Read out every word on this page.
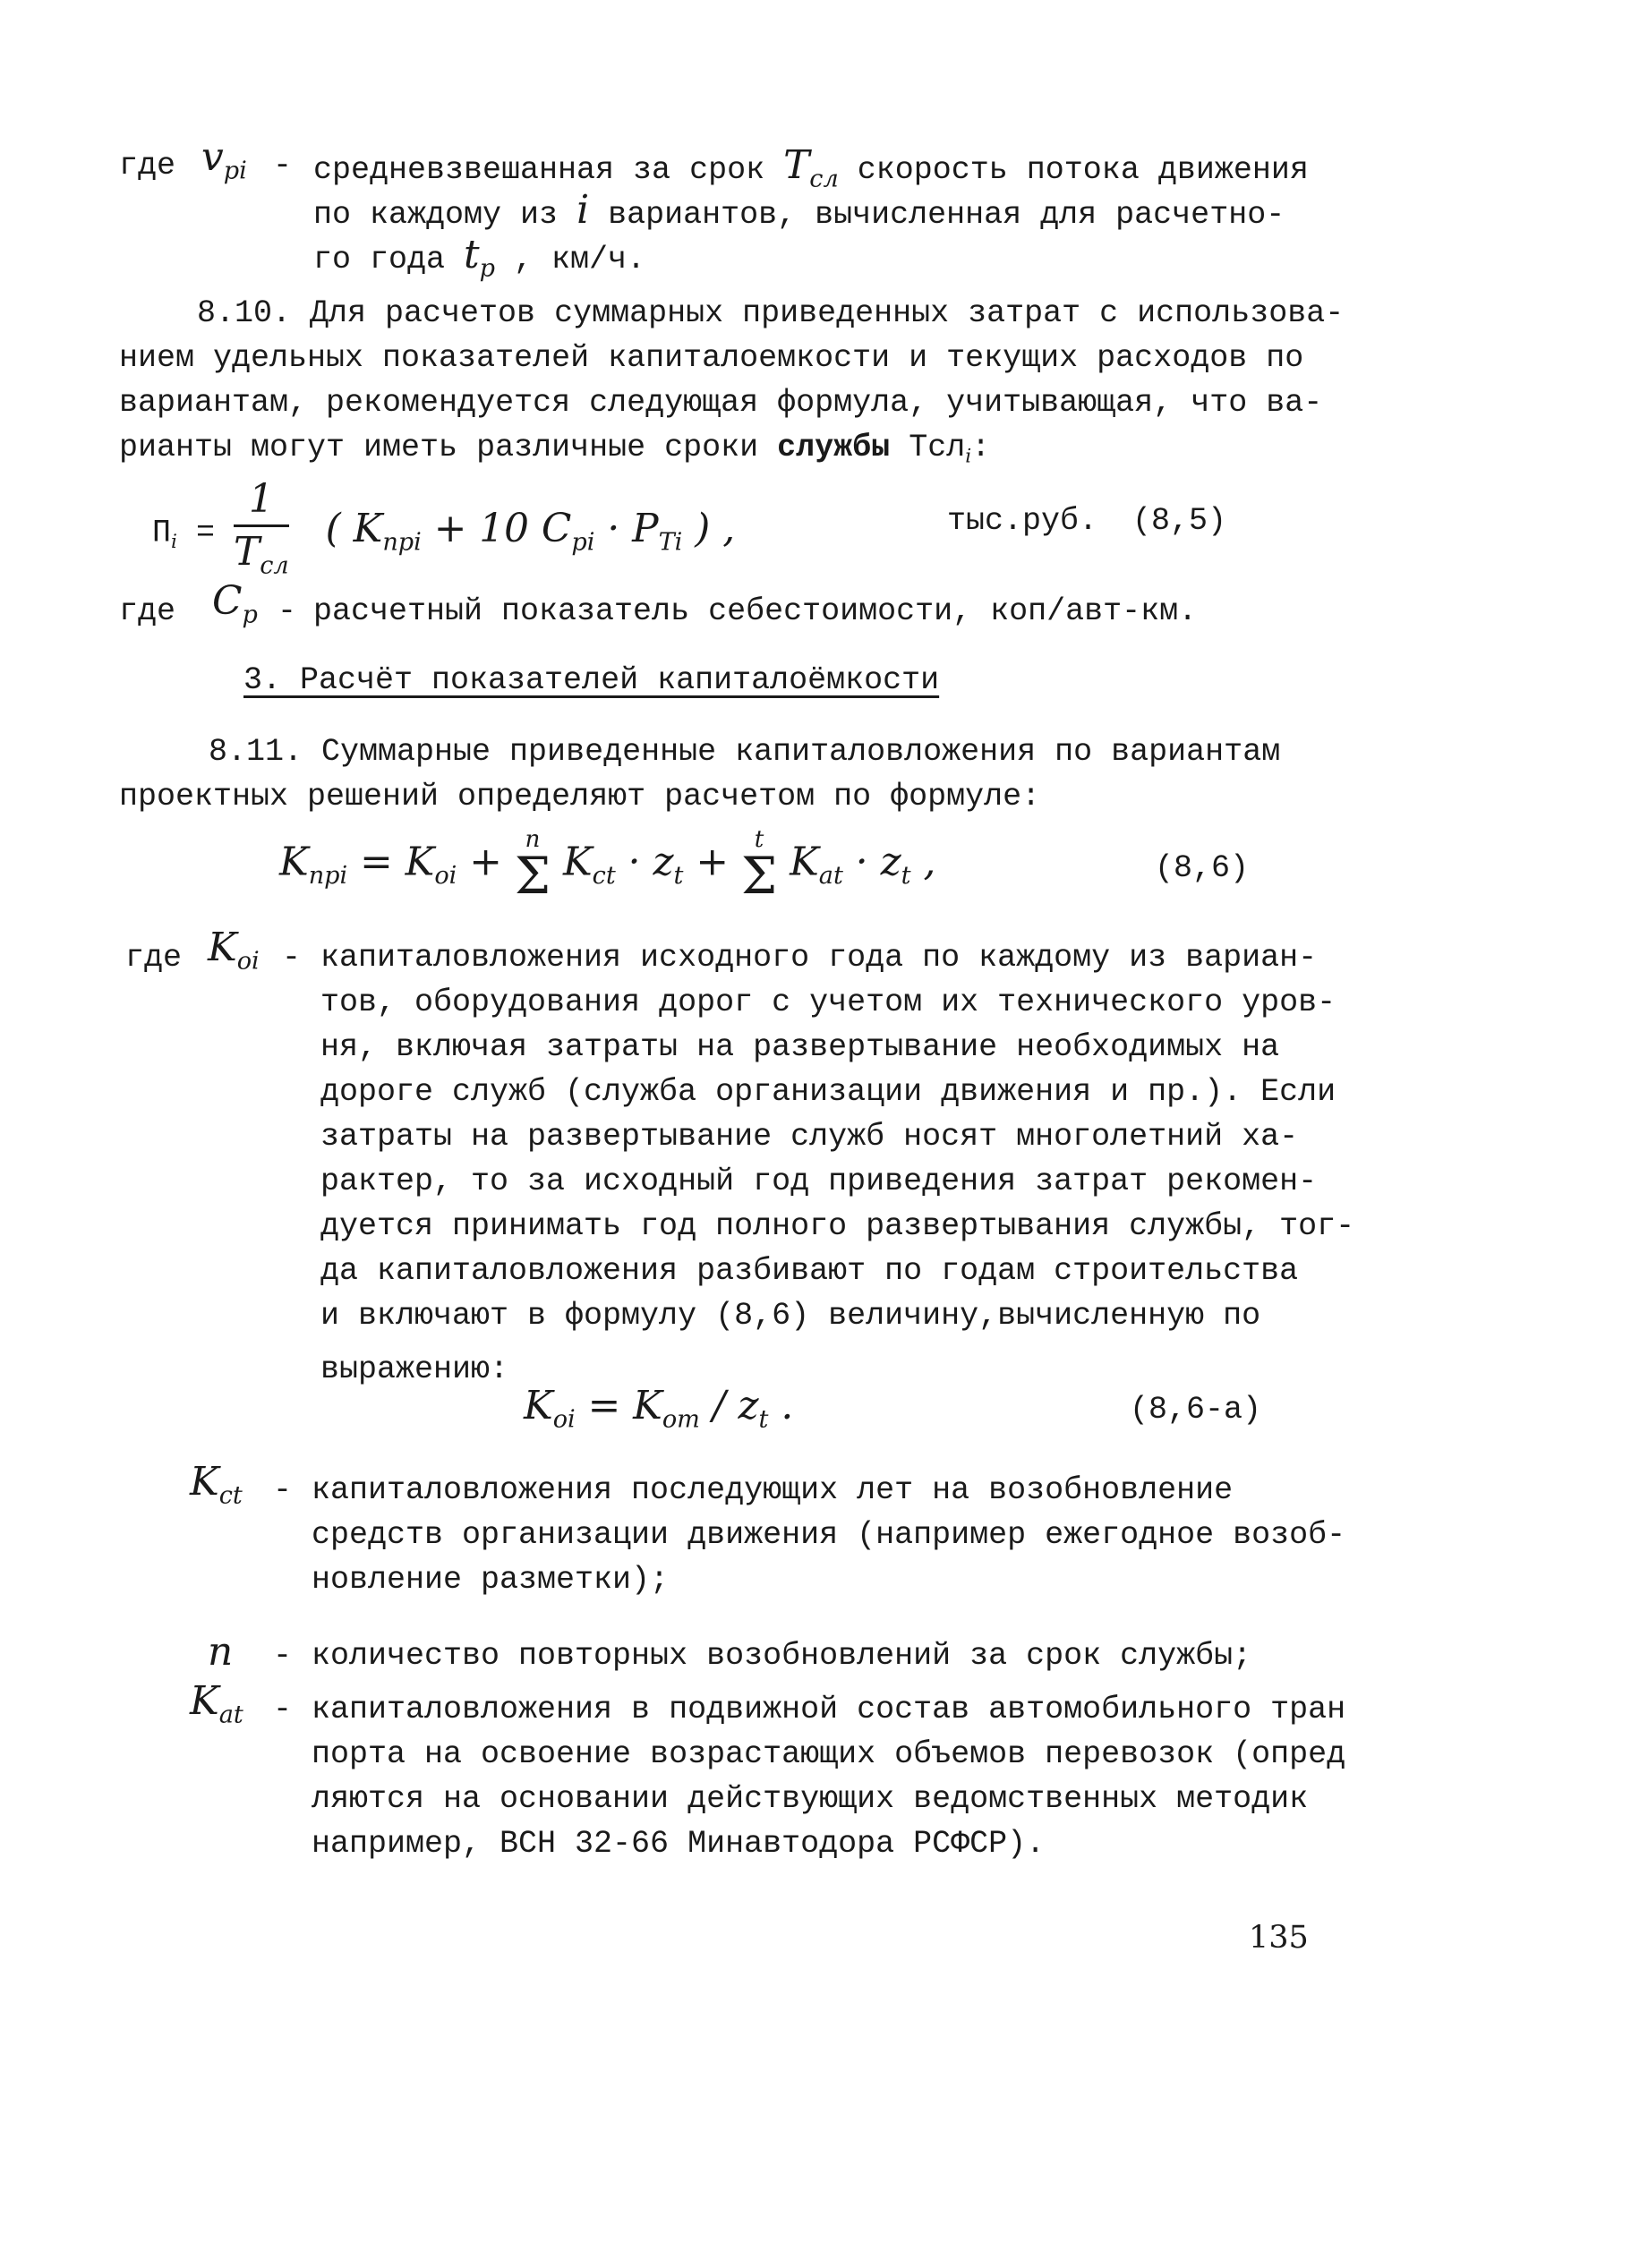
где $v_{pi}$ - средневзвешанная за срок $T_{сл}$ скорость потока движения
по каждому из i вариантов, вычисленная для расчетно-
го года $t_p$ , км/ч.
8.10. Для расчетов суммарных приведенных затрат с использова-
нием удельных показателей капиталоемкости и текущих расходов по
вариантам, рекомендуется следующая формула, учитывающая, что ва-
рианты могут иметь различные сроки службы Тсл$_i$:
$П_i = \frac{1}{T_{сл}}$ ( $K_{прi} + 10$ $C_{pi} \cdot P_{Ti}$ ) ,	тыс.руб. (8,5)
где $C_p$ - расчетный показатель себестоимости, коп/авт-км.
3. Расчёт показателей капиталоёмкости
8.11. Суммарные приведенные капиталовложения по вариантам
проектных решений определяют расчетом по формуле:
$K_{прi} = K_{oi} + n$
Σ $K_{ct} \cdot z_t$ +	t
Σ $K_{at} \cdot z_t$ ,	(8,6)
где $K_{oi}$ - капиталовложения исходного года по каждому из вариан-
тов, оборудования дорог с учетом их технического уров-
ня, включая затраты на развертывание необходимых на
дороге служб (служба организации движения и пр.). Если
затраты на развертывание служб носят многолетний ха-
рактер, то за исходный год приведения затрат рекомен-
дуется принимать год полного развертывания службы, тог-
да капиталовложения разбивают по годам строительства
и включают в формулу (8,6) величину,вычисленную по
выражению:
$K_{oi} = K_{oт} / z_t$ .	(8,6-а)
$K_{ct}$ - капиталовложения последующих лет на возобновление
средств организации движения (например ежегодное возоб-
новление разметки);
n - количество повторных возобновлений за срок службы;
$K_{at}$ - капиталовложения в подвижной состав автомобильного тран
порта на освоение возрастающих объемов перевозок (опред
ляются на основании действующих ведомственных методик
например, ВСН 32-66 Минавтодора РСФСР).
135
